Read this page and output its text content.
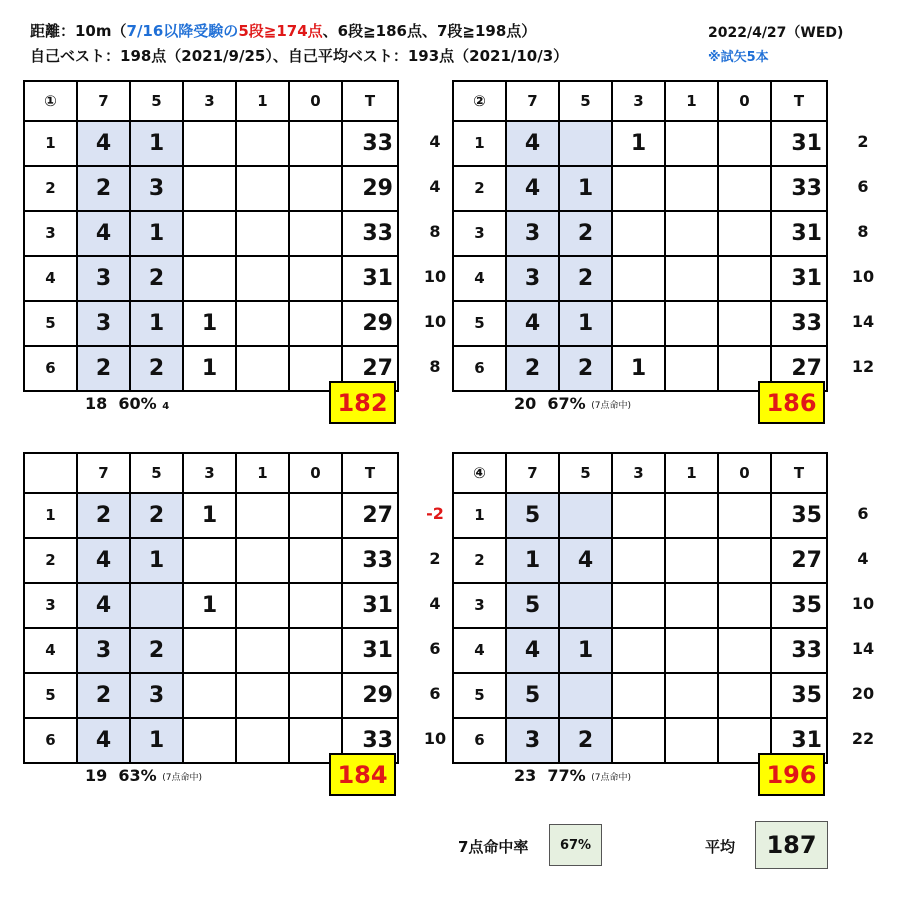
距離：10m（7/16以降受験の5段≧174点、6段≧186点、7段≧198点）
自己ベスト：198点（2021/9/25）、自己平均ベスト：193点（2021/10/3）
2022/4/27（WED)
※試矢5本
4
4
8
10
10
8
①	7	5	3	1	0	T
1	4	1				33
2	2	3				29
3	4	1				33
4	3	2				31
5	3	1	1			29
6	2	2	1			27
18 60% 4	182
2
6
8
10
14
12
②	7	5	3	1	0	T
1	4		1			31
2	4	1				33
3	3	2				31
4	3	2				31
5	4	1				33
6	2	2	1			27
20 67% (7点命中)	186
-2
2
4
6
6
10
	7	5	3	1	0	T
1	2	2	1			27
2	4	1				33
3	4		1			31
4	3	2				31
5	2	3				29
6	4	1				33
19 63% (7点命中)	184
6
4
10
14
20
22
④	7	5	3	1	0	T
1	5					35
2	1	4				27
3	5					35
4	4	1				33
5	5					35
6	3	2				31
23 77% (7点命中)	196
7点命中率	67%	平均	187
